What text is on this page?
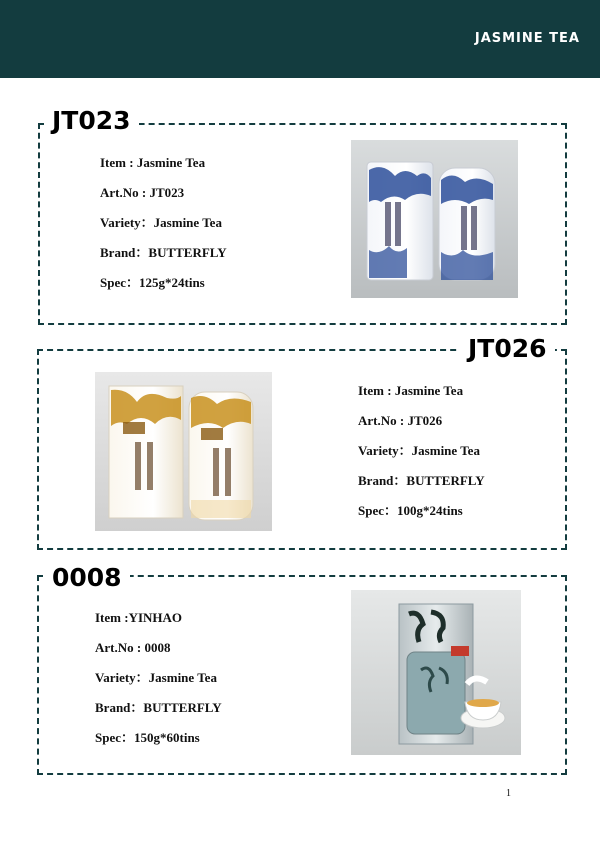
JASMINE TEA
JT023
Item : Jasmine Tea
Art.No : JT023
Variety：Jasmine Tea
Brand：BUTTERFLY
Spec：125g*24tins
JT026
Item : Jasmine Tea
Art.No : JT026
Variety：Jasmine Tea
Brand：BUTTERFLY
Spec：100g*24tins
0008
Item :YINHAO
Art.No : 0008
Variety：Jasmine Tea
Brand：BUTTERFLY
Spec：150g*60tins
1
